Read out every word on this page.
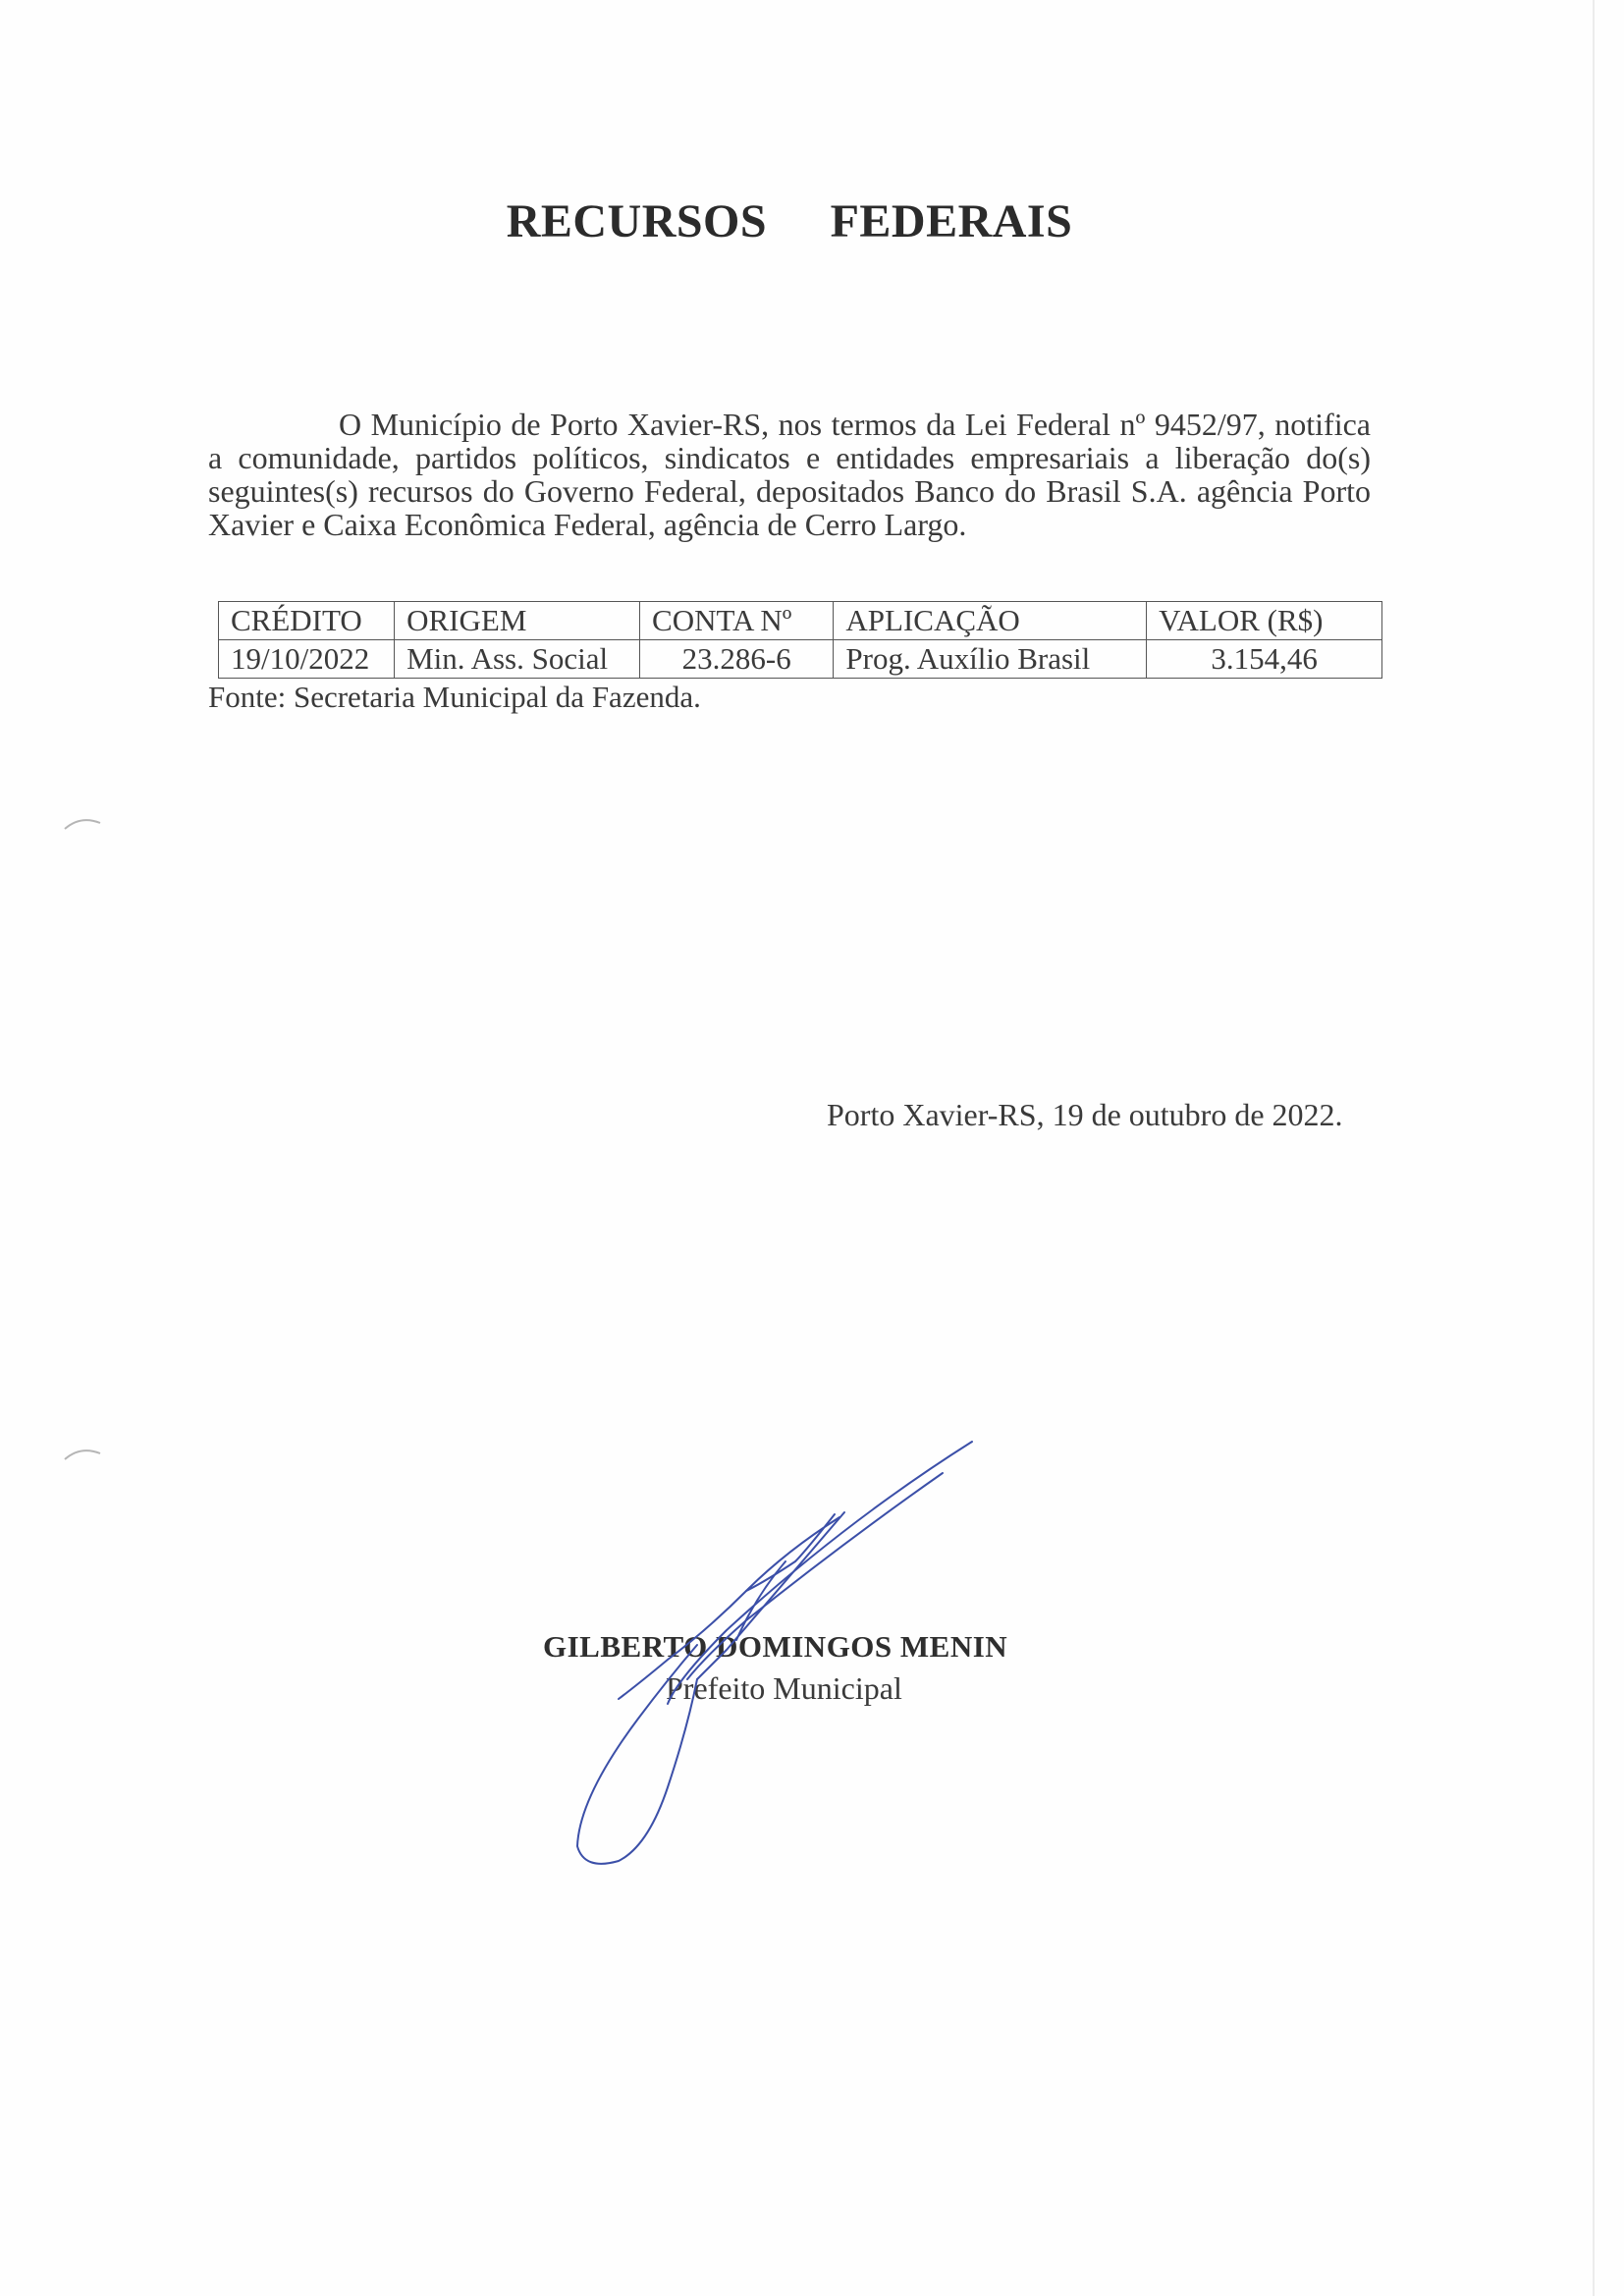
RECURSOS FEDERAIS

O Município de Porto Xavier-RS, nos termos da Lei Federal nº 9452/97, notifica a comunidade, partidos políticos, sindicatos e entidades empresariais a liberação do(s) seguintes(s) recursos do Governo Federal, depositados Banco do Brasil S.A. agência Porto Xavier e Caixa Econômica Federal, agência de Cerro Largo.

CRÉDITO	ORIGEM	CONTA Nº	APLICAÇÃO	VALOR (R$)
19/10/2022	Min. Ass. Social	23.286-6	Prog. Auxílio Brasil	3.154,46
Fonte: Secretaria Municipal da Fazenda.
Porto Xavier-RS, 19 de outubro de 2022.
GILBERTO DOMINGOS MENIN
Prefeito Municipal
